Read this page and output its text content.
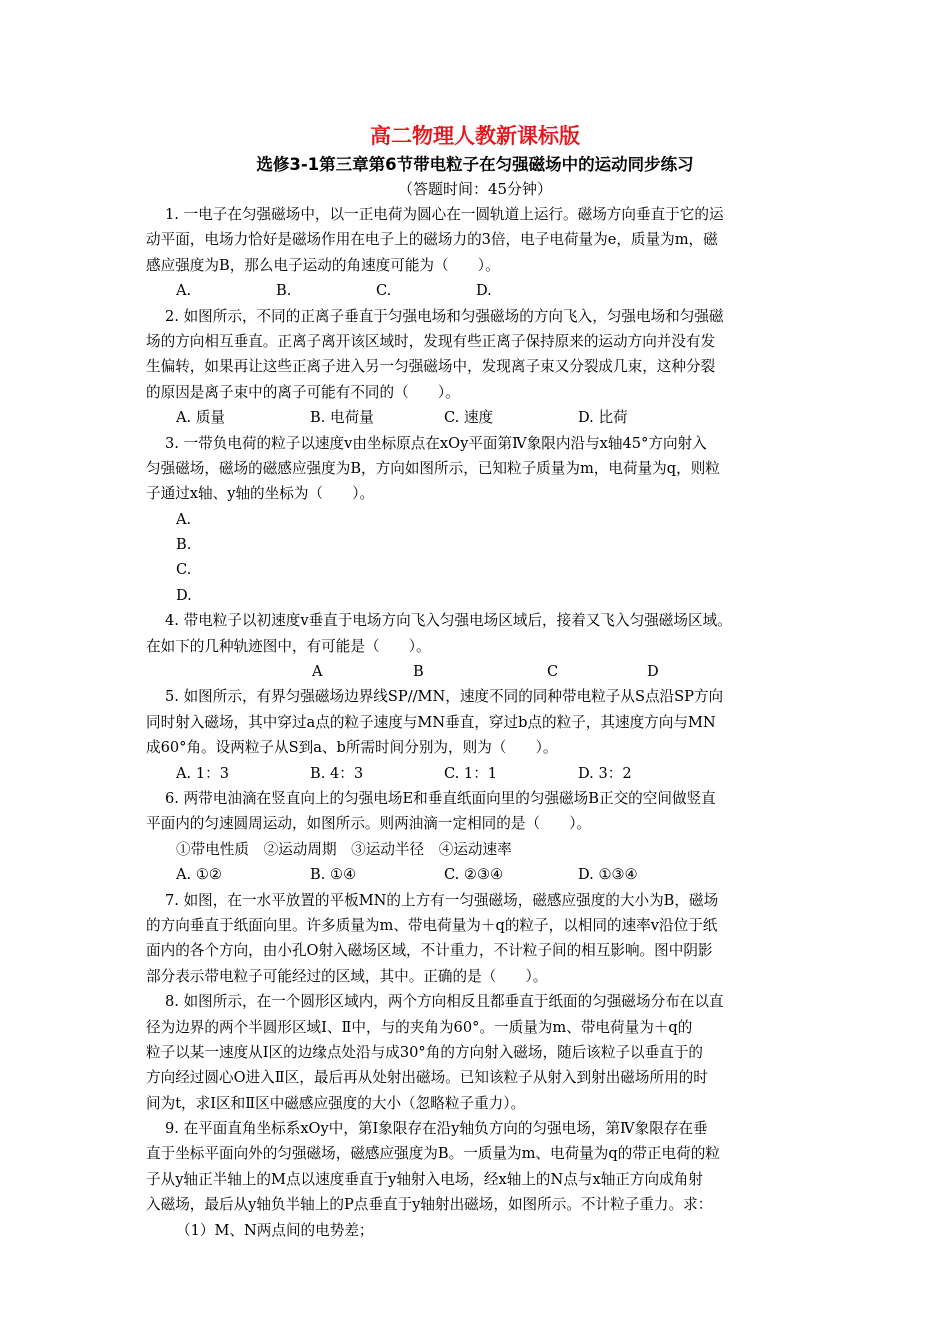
高二物理人教新课标版
选修3-1第三章第6节带电粒子在匀强磁场中的运动同步练习
（答题时间：45分钟）
1. 一电子在匀强磁场中，以一正电荷为圆心在一圆轨道上运行。磁场方向垂直于它的运
动平面，电场力恰好是磁场作用在电子上的磁场力的3倍，电子电荷量为e，质量为m，磁
感应强度为B，那么电子运动的角速度可能为（　　）。
A.	B.	C.	D.
2. 如图所示，不同的正离子垂直于匀强电场和匀强磁场的方向飞入，匀强电场和匀强磁
场的方向相互垂直。正离子离开该区域时，发现有些正离子保持原来的运动方向并没有发
生偏转，如果再让这些正离子进入另一匀强磁场中，发现离子束又分裂成几束，这种分裂
的原因是离子束中的离子可能有不同的（　　）。
A. 质量	B. 电荷量	C. 速度	D. 比荷
3. 一带负电荷的粒子以速度v由坐标原点在xOy平面第Ⅳ象限内沿与x轴45°方向射入
匀强磁场，磁场的磁感应强度为B，方向如图所示，已知粒子质量为m，电荷量为q，则粒
子通过x轴、y轴的坐标为（　　）。
A.
B.
C.
D.
4. 带电粒子以初速度v垂直于电场方向飞入匀强电场区域后，接着又飞入匀强磁场区域。
在如下的几种轨迹图中，有可能是（　　）。
A	B	C	D
5. 如图所示，有界匀强磁场边界线SP//MN，速度不同的同种带电粒子从S点沿SP方向
同时射入磁场，其中穿过a点的粒子速度与MN垂直，穿过b点的粒子，其速度方向与MN
成60°角。设两粒子从S到a、b所需时间分别为，则为（　　）。
A. 1：3	B. 4：3	C. 1：1	D. 3：2
6. 两带电油滴在竖直向上的匀强电场E和垂直纸面向里的匀强磁场B正交的空间做竖直
平面内的匀速圆周运动，如图所示。则两油滴一定相同的是（　　）。
①带电性质　②运动周期　③运动半径　④运动速率
A. ①②	B. ①④	C. ②③④	D. ①③④
7. 如图，在一水平放置的平板MN的上方有一匀强磁场，磁感应强度的大小为B，磁场
的方向垂直于纸面向里。许多质量为m、带电荷量为＋q的粒子，以相同的速率v沿位于纸
面内的各个方向，由小孔O射入磁场区域，不计重力，不计粒子间的相互影响。图中阴影
部分表示带电粒子可能经过的区域，其中。正确的是（　　）。
8. 如图所示，在一个圆形区域内，两个方向相反且都垂直于纸面的匀强磁场分布在以直
径为边界的两个半圆形区域Ⅰ、Ⅱ中，与的夹角为60°。一质量为m、带电荷量为＋q的
粒子以某一速度从Ⅰ区的边缘点处沿与成30°角的方向射入磁场，随后该粒子以垂直于的
方向经过圆心O进入Ⅱ区，最后再从处射出磁场。已知该粒子从射入到射出磁场所用的时
间为t，求Ⅰ区和Ⅱ区中磁感应强度的大小（忽略粒子重力）。
9. 在平面直角坐标系xOy中，第Ⅰ象限存在沿y轴负方向的匀强电场，第Ⅳ象限存在垂
直于坐标平面向外的匀强磁场，磁感应强度为B。一质量为m、电荷量为q的带正电荷的粒
子从y轴正半轴上的M点以速度垂直于y轴射入电场，经x轴上的N点与x轴正方向成角射
入磁场，最后从y轴负半轴上的P点垂直于y轴射出磁场，如图所示。不计粒子重力。求：
（1）M、N两点间的电势差；
